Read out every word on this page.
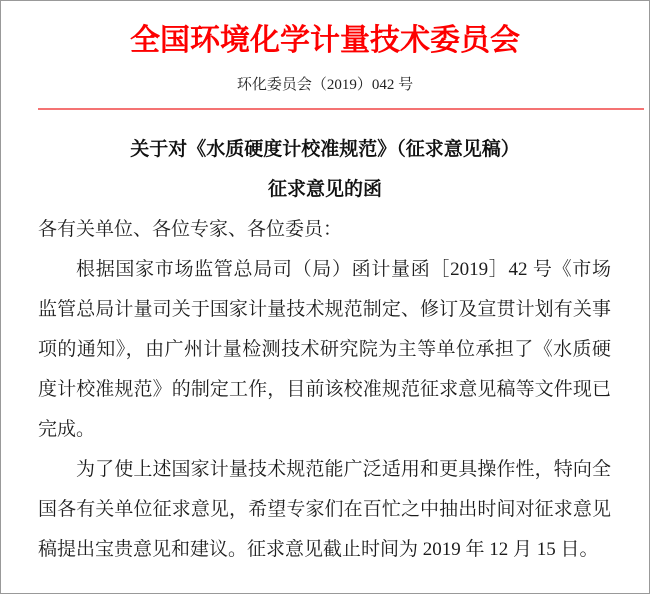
全国环境化学计量技术委员会
环化委员会（2019）042 号
关于对《水质硬度计校准规范》（征求意见稿）
征求意见的函

各有关单位、各位专家、各位委员：

根据国家市场监管总局司（局）函计量函［2019］42 号《市场监管总局计量司关于国家计量技术规范制定、修订及宣贯计划有关事项的通知》，由广州计量检测技术研究院为主等单位承担了《水质硬度计校准规范》的制定工作，目前该校准规范征求意见稿等文件现已完成。

为了使上述国家计量技术规范能广泛适用和更具操作性，特向全国各有关单位征求意见，希望专家们在百忙之中抽出时间对征求意见稿提出宝贵意见和建议。征求意见截止时间为 2019 年 12 月 15 日。
